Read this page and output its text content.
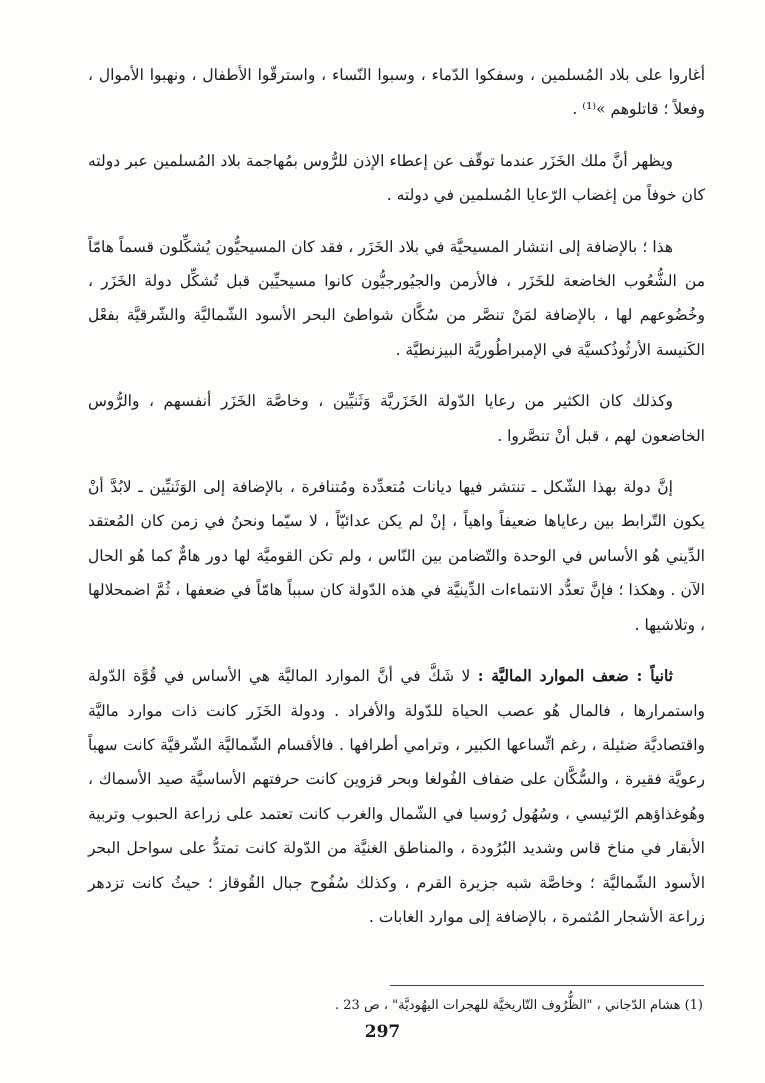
أغاروا على بلاد المُسلمين ، وسفكوا الدّماء ، وسبوا النّساء ، واسترقّوا الأطفال ، ونهبوا الأموال ، وفعلاً ؛ قاتلوهم »⁽¹⁾ .

ويظهر أنَّ ملك الخَزَر عندما توقّف عن إعطاء الإذن للرُّوس بمُهاجمة بلاد المُسلمين عبر دولته كان خوفاً من إغضاب الرّعايا المُسلمين في دولته .

هذا ؛ بالإضافة إلى انتشار المسيحيَّة في بلاد الخَزَر ، فقد كان المسيحيُّون يُشكِّلون قسماً هامّاً من الشُّعُوب الخاضعة للخَزَر ، فالأرمن والجيُورجيُّون كانوا مسيحيِّين قبل تُشكِّل دولة الخَزَر ، وخُضُوعهم لها ، بالإضافة لمَنْ تنصَّر من سُكَّان شواطئ البحر الأسود الشّماليَّة والشّرقيَّة بفعْل الكَنيسة الأرثُوذُكسيَّة في الإمبراطُوريَّة البيزنطيَّة .

وكذلك كان الكثير من رعايا الدّولة الخَزَريَّة وَثَنيِّين ، وخاصَّة الخَزَر أنفسهم ، والرُّوس الخاضعون لهم ، قبل أنْ تنصَّروا .

إنَّ دولة بهذا الشّكل ـ تنتشر فيها ديانات مُتعدِّدة ومُتنافرة ، بالإضافة إلى الوَثَنيِّين ـ لابُدَّ أنْ يكون التّرابط بين رعاياها ضعيفاً واهياً ، إنْ لم يكن عدائيّاً ، لا سيّما ونحنُ في زمن كان المُعتقد الدِّيني هُو الأساس في الوحدة والتّضامن بين النّاس ، ولم تكن القوميَّة لها دور هامٌّ كما هُو الحال الآن . وهكذا ؛ فإنَّ تعدُّد الانتماءات الدِّينيَّة في هذه الدّولة كان سبباً هامّاً في ضعفها ، ثُمَّ اضمحلالها ، وتلاشيها .

ثانياً : ضعف الموارد الماليَّة : لا شَكَّ في أنَّ الموارد الماليَّة هي الأساس في قُوَّة الدّولة واستمرارها ، فالمال هُو عصب الحياة للدّولة والأفراد . ودولة الخَزَر كانت ذات موارد ماليَّة واقتصاديَّة ضئيلة ، رغم اتِّساعها الكبير ، وترامي أطرافها . فالأقسام الشّماليَّة الشّرقيَّة كانت سهباً رعويَّة فقيرة ، والسُّكَّان على ضفاف الفُولغا وبحر قزوين كانت حرفتهم الأساسيَّة صيد الأسماك ، وهُوغذاؤهم الرّئيسي ، وسُهُول رُوسيا في الشّمال والغرب كانت تعتمد على زراعة الحبوب وتربية الأبقار في مناخ قاس وشديد البُرُودة ، والمناطق الغنيَّة من الدّولة كانت تمتدُّ على سواحل البحر الأسود الشّماليَّة ؛ وخاصَّة شبه جزيرة القرم ، وكذلك سُفُوح جبال القُوقاز ؛ حيثُ كانت تزدهر زراعة الأشجار المُثمرة ، بالإضافة إلى موارد الغابات .

(1) هشام الدّجاني ، "الظُّرُوف التّاريخيَّة للهجرات اليهُوديَّة" ، ص 23 .
297
